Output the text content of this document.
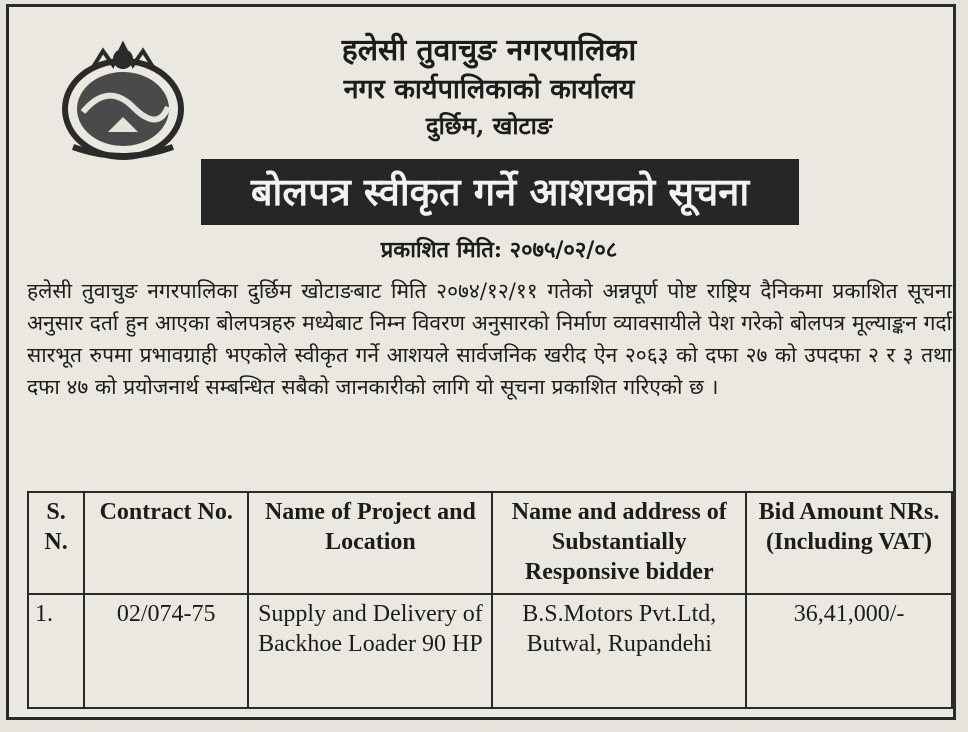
हलेसी तुवाचुङ नगरपालिका
नगर कार्यपालिकाको कार्यालय
दुर्छिम, खोटाङ
बोलपत्र स्वीकृत गर्ने आशयको सूचना
प्रकाशित मिति: २०७५/०२/०८
हलेसी तुवाचुङ नगरपालिका दुर्छिम खोटाङबाट मिति २०७४/१२/११ गतेको अन्नपूर्ण पोष्ट राष्ट्रिय दैनिकमा प्रकाशित सूचना अनुसार दर्ता हुन आएका बोलपत्रहरु मध्येबाट निम्न विवरण अनुसारको निर्माण व्यावसायीले पेश गरेको बोलपत्र मूल्याङ्कन गर्दा सारभूत रुपमा प्रभावग्राही भएकोले स्वीकृत गर्ने आशयले सार्वजनिक खरीद ऐन २०६३ को दफा २७ को उपदफा २ र ३ तथा दफा ४७ को प्रयोजनार्थ सम्बन्धित सबैको जानकारीको लागि यो सूचना प्रकाशित गरिएको छ ।
S. N.	Contract No.	Name of Project and Location	Name and address of Substantially Responsive bidder	Bid Amount NRs. (Including VAT)
1.	02/074-75	Supply and Delivery of Backhoe Loader 90 HP	B.S.Motors Pvt.Ltd, Butwal, Rupandehi	36,41,000/-
